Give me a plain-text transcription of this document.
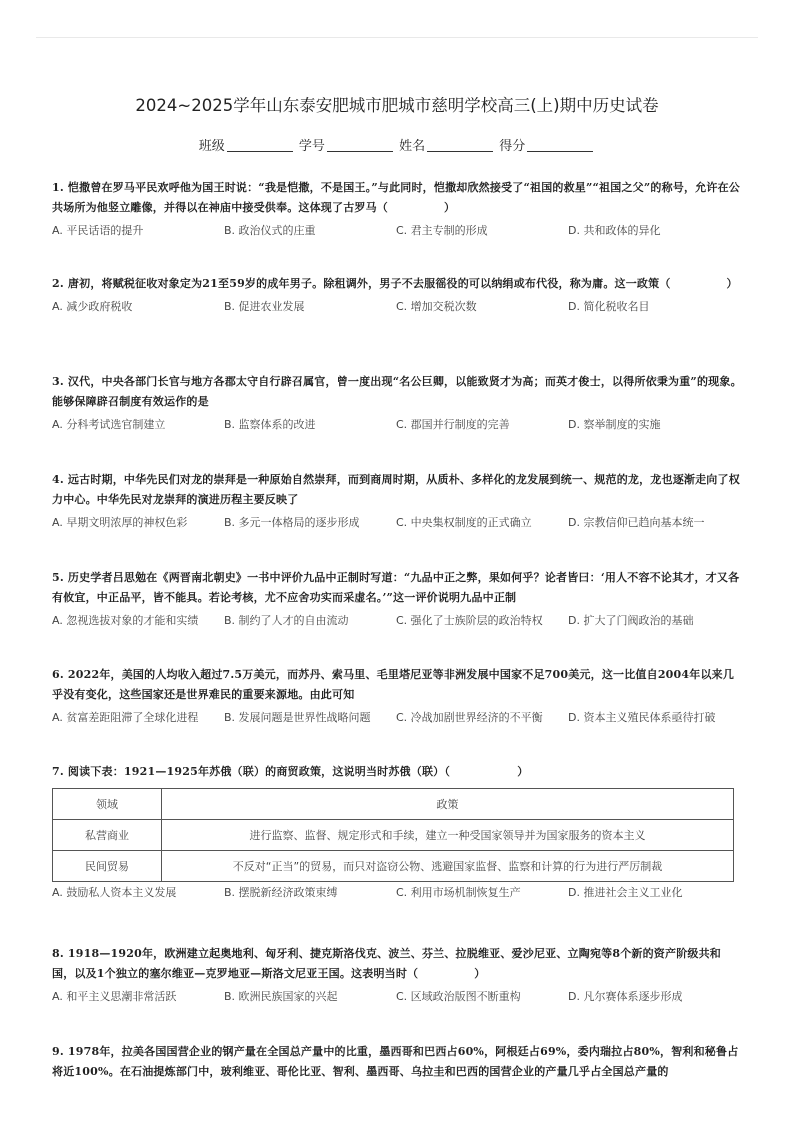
2024~2025学年山东泰安肥城市肥城市慈明学校高三(上)期中历史试卷
班级	学号	姓名	得分
1. 恺撒曾在罗马平民欢呼他为国王时说：“我是恺撒，不是国王。”与此同时，恺撒却欣然接受了“祖国的救星”“祖国之父”的称号，允许在公共场所为他竖立雕像，并得以在神庙中接受供奉。这体现了古罗马（　　　　　）
A. 平民话语的提升	B. 政治仪式的庄重	C. 君主专制的形成	D. 共和政体的异化
2. 唐初，将赋税征收对象定为21至59岁的成年男子。除租调外，男子不去服徭役的可以纳绢或布代役，称为庸。这一政策（　　　　　）
A. 减少政府税收	B. 促进农业发展	C. 增加交税次数	D. 简化税收名目
3. 汉代，中央各部门长官与地方各郡太守自行辟召属官，曾一度出现“名公巨卿，以能致贤才为高；而英才俊士，以得所依秉为重”的现象。能够保障辟召制度有效运作的是
A. 分科考试选官制建立	B. 监察体系的改进	C. 郡国并行制度的完善	D. 察举制度的实施
4. 远古时期，中华先民们对龙的崇拜是一种原始自然崇拜，而到商周时期，从质朴、多样化的龙发展到统一、规范的龙，龙也逐渐走向了权力中心。中华先民对龙崇拜的演进历程主要反映了
A. 早期文明浓厚的神权色彩	B. 多元一体格局的逐步形成	C. 中央集权制度的正式确立	D. 宗教信仰已趋向基本统一
5. 历史学者吕思勉在《两晋南北朝史》一书中评价九品中正制时写道：“九品中正之弊，果如何乎？论者皆曰：‘用人不容不论其才，才又各有攸宜，中正品平，皆不能具。若论考核，尤不应舍功实而采虚名。’”这一评价说明九品中正制
A. 忽视选拔对象的才能和实绩	B. 制约了人才的自由流动	C. 强化了士族阶层的政治特权	D. 扩大了门阀政治的基础
6. 2022年，美国的人均收入超过7.5万美元，而苏丹、索马里、毛里塔尼亚等非洲发展中国家不足700美元，这一比值自2004年以来几乎没有变化，这些国家还是世界难民的重要来源地。由此可知
A. 贫富差距阻滞了全球化进程	B. 发展问题是世界性战略问题	C. 冷战加剧世界经济的不平衡	D. 资本主义殖民体系亟待打破
7. 阅读下表：1921—1925年苏俄（联）的商贸政策，这说明当时苏俄（联）（　　　　　　）
领域	政策
私营商业	进行监察、监督、规定形式和手续，建立一种受国家领导并为国家服务的资本主义
民间贸易	不反对“正当”的贸易，而只对盗窃公物、逃避国家监督、监察和计算的行为进行严厉制裁
A. 鼓励私人资本主义发展	B. 摆脱新经济政策束缚	C. 利用市场机制恢复生产	D. 推进社会主义工业化
8. 1918—1920年，欧洲建立起奥地利、匈牙利、捷克斯洛伐克、波兰、芬兰、拉脱维亚、爱沙尼亚、立陶宛等8个新的资产阶级共和国，以及1个独立的塞尔维亚—克罗地亚—斯洛文尼亚王国。这表明当时（　　　　　）
A. 和平主义思潮非常活跃	B. 欧洲民族国家的兴起	C. 区域政治版图不断重构	D. 凡尔赛体系逐步形成
9. 1978年，拉美各国国营企业的钢产量在全国总产量中的比重，墨西哥和巴西占60%，阿根廷占69%，委内瑞拉占80%，智利和秘鲁占将近100%。在石油提炼部门中，玻利维亚、哥伦比亚、智利、墨西哥、乌拉圭和巴西的国营企业的产量几乎占全国总产量的
